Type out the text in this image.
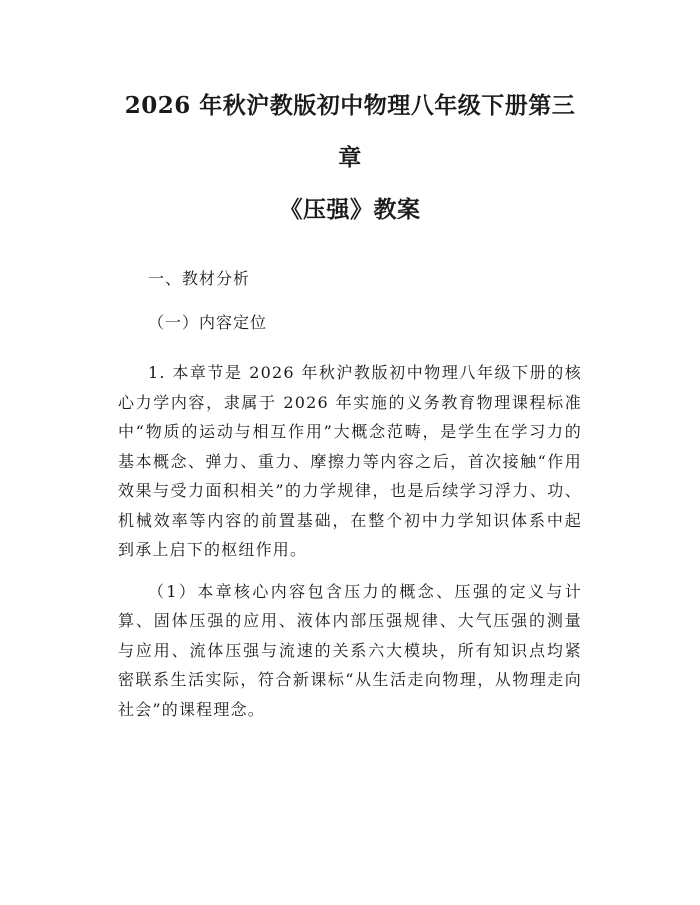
2026 年秋沪教版初中物理八年级下册第三章
《压强》教案

一、教材分析

（一）内容定位

1. 本章节是 2026 年秋沪教版初中物理八年级下册的核心力学内容，隶属于 2026 年实施的义务教育物理课程标准中“物质的运动与相互作用”大概念范畴，是学生在学习力的基本概念、弹力、重力、摩擦力等内容之后，首次接触“作用效果与受力面积相关”的力学规律，也是后续学习浮力、功、机械效率等内容的前置基础，在整个初中力学知识体系中起到承上启下的枢纽作用。

（1）本章核心内容包含压力的概念、压强的定义与计算、固体压强的应用、液体内部压强规律、大气压强的测量与应用、流体压强与流速的关系六大模块，所有知识点均紧密联系生活实际，符合新课标“从生活走向物理，从物理走向社会”的课程理念。
